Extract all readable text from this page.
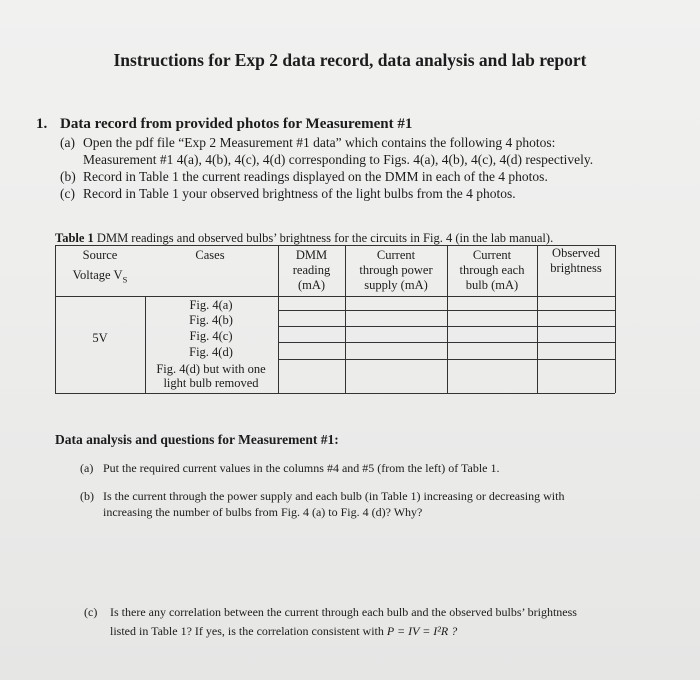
Instructions for Exp 2 data record, data analysis and lab report
1. Data record from provided photos for Measurement #1
(a) Open the pdf file “Exp 2 Measurement #1 data” which contains the following 4 photos:
Measurement #1 4(a), 4(b), 4(c), 4(d) corresponding to Figs. 4(a), 4(b), 4(c), 4(d) respectively.
(b) Record in Table 1 the current readings displayed on the DMM in each of the 4 photos.
(c) Record in Table 1 your observed brightness of the light bulbs from the 4 photos.
Table 1 DMM readings and observed bulbs’ brightness for the circuits in Fig. 4 (in the lab manual).
Source
Voltage $V_S$
Cases	DMM
reading
(mA)
Current
through power
supply (mA)
Current
through each
bulb (mA)
Observed
brightness
5V
Fig. 4(a)
Fig. 4(b)
Fig. 4(c)
Fig. 4(d)
Fig. 4(d) but with one
light bulb removed
Data analysis and questions for Measurement #1:
(a) Put the required current values in the columns #4 and #5 (from the left) of Table 1.
(b) Is the current through the power supply and each bulb (in Table 1) increasing or decreasing with
increasing the number of bulbs from Fig. 4 (a) to Fig. 4 (d)? Why?
(c) Is there any correlation between the current through each bulb and the observed bulbs’ brightness
listed in Table 1? If yes, is the correlation consistent with P = IV = I²R ?
